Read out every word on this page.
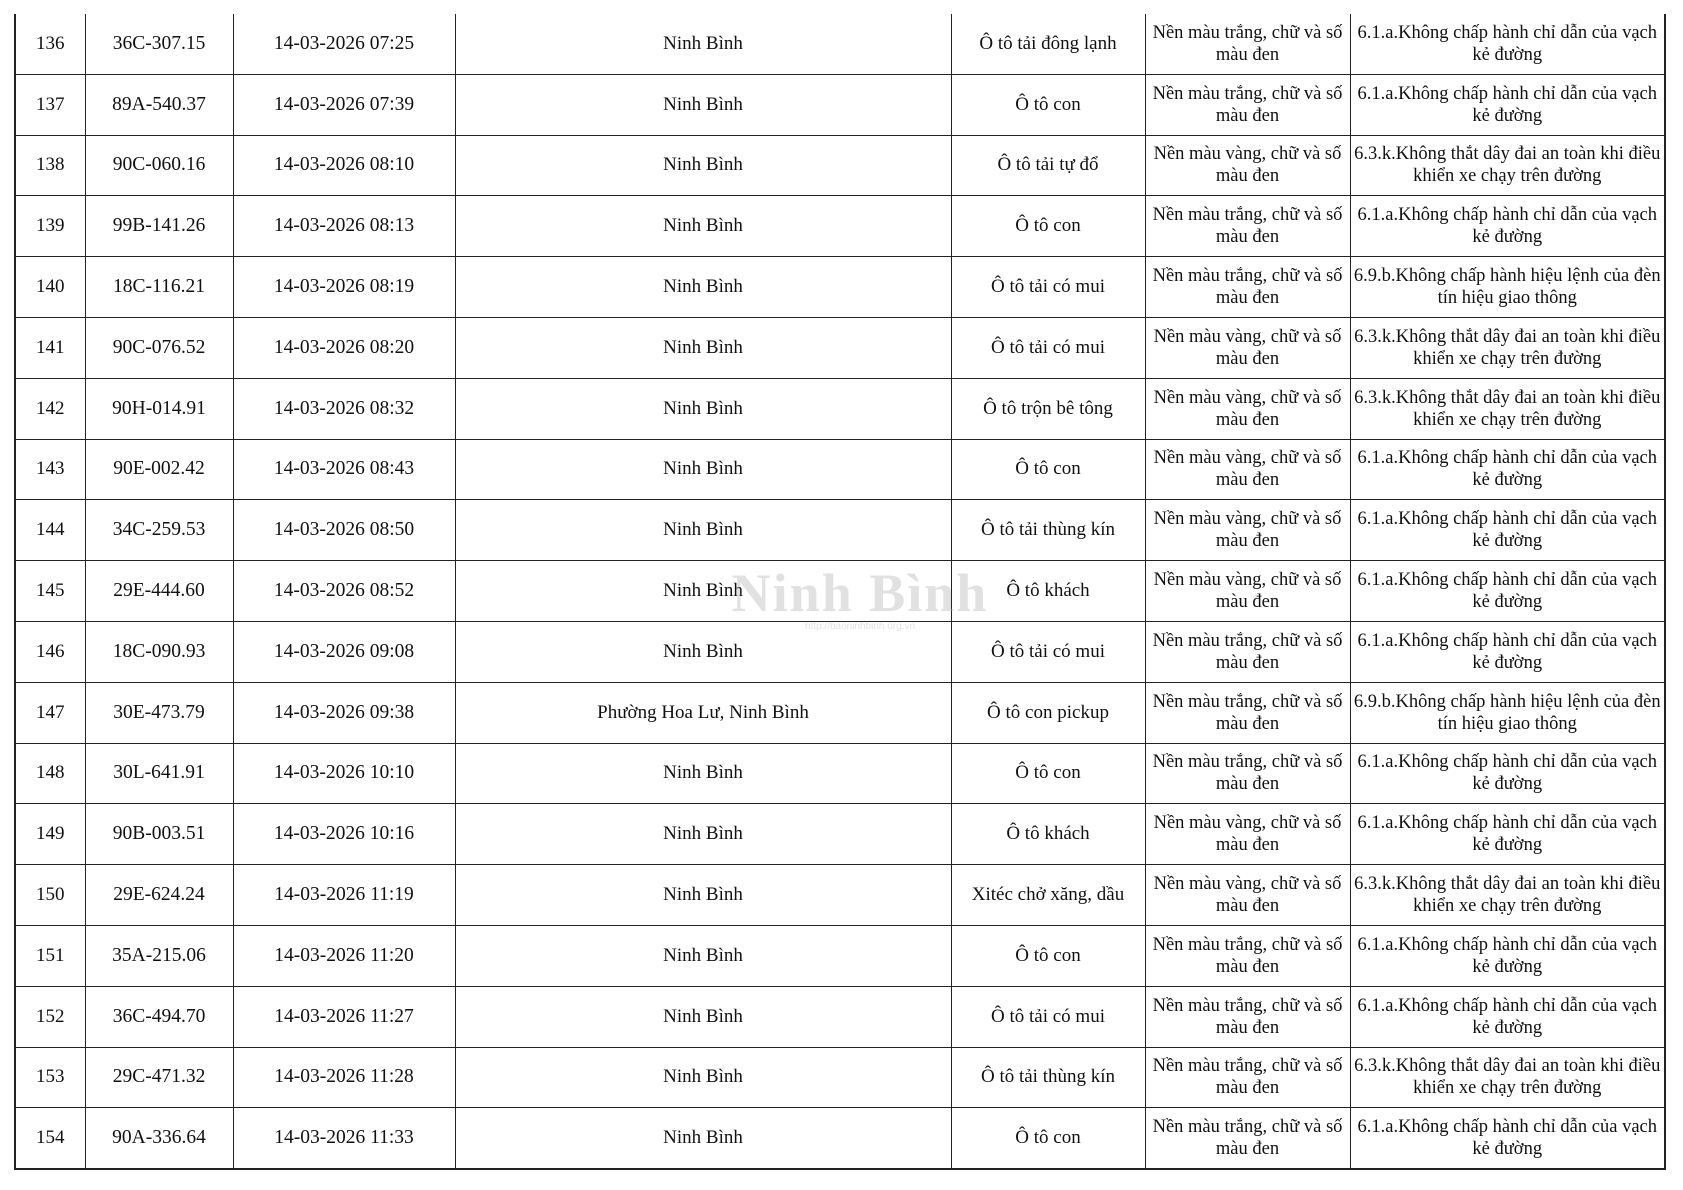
136	36C-307.15	14-03-2026 07:25	Ninh Bình	Ô tô tải đông lạnh	Nền màu trắng, chữ và số màu đen	6.1.a.Không chấp hành chỉ dẫn của vạch kẻ đường
137	89A-540.37	14-03-2026 07:39	Ninh Bình	Ô tô con	Nền màu trắng, chữ và số màu đen	6.1.a.Không chấp hành chỉ dẫn của vạch kẻ đường
138	90C-060.16	14-03-2026 08:10	Ninh Bình	Ô tô tải tự đổ	Nền màu vàng, chữ và số màu đen	6.3.k.Không thắt dây đai an toàn khi điều khiển xe chạy trên đường
139	99B-141.26	14-03-2026 08:13	Ninh Bình	Ô tô con	Nền màu trắng, chữ và số màu đen	6.1.a.Không chấp hành chỉ dẫn của vạch kẻ đường
140	18C-116.21	14-03-2026 08:19	Ninh Bình	Ô tô tải có mui	Nền màu trắng, chữ và số màu đen	6.9.b.Không chấp hành hiệu lệnh của đèn tín hiệu giao thông
141	90C-076.52	14-03-2026 08:20	Ninh Bình	Ô tô tải có mui	Nền màu vàng, chữ và số màu đen	6.3.k.Không thắt dây đai an toàn khi điều khiển xe chạy trên đường
142	90H-014.91	14-03-2026 08:32	Ninh Bình	Ô tô trộn bê tông	Nền màu vàng, chữ và số màu đen	6.3.k.Không thắt dây đai an toàn khi điều khiển xe chạy trên đường
143	90E-002.42	14-03-2026 08:43	Ninh Bình	Ô tô con	Nền màu vàng, chữ và số màu đen	6.1.a.Không chấp hành chỉ dẫn của vạch kẻ đường
144	34C-259.53	14-03-2026 08:50	Ninh Bình	Ô tô tải thùng kín	Nền màu vàng, chữ và số màu đen	6.1.a.Không chấp hành chỉ dẫn của vạch kẻ đường
145	29E-444.60	14-03-2026 08:52	Ninh Bình	Ô tô khách	Nền màu vàng, chữ và số màu đen	6.1.a.Không chấp hành chỉ dẫn của vạch kẻ đường
146	18C-090.93	14-03-2026 09:08	Ninh Bình	Ô tô tải có mui	Nền màu trắng, chữ và số màu đen	6.1.a.Không chấp hành chỉ dẫn của vạch kẻ đường
147	30E-473.79	14-03-2026 09:38	Phường Hoa Lư, Ninh Bình	Ô tô con pickup	Nền màu trắng, chữ và số màu đen	6.9.b.Không chấp hành hiệu lệnh của đèn tín hiệu giao thông
148	30L-641.91	14-03-2026 10:10	Ninh Bình	Ô tô con	Nền màu trắng, chữ và số màu đen	6.1.a.Không chấp hành chỉ dẫn của vạch kẻ đường
149	90B-003.51	14-03-2026 10:16	Ninh Bình	Ô tô khách	Nền màu vàng, chữ và số màu đen	6.1.a.Không chấp hành chỉ dẫn của vạch kẻ đường
150	29E-624.24	14-03-2026 11:19	Ninh Bình	Xitéc chở xăng, dầu	Nền màu vàng, chữ và số màu đen	6.3.k.Không thắt dây đai an toàn khi điều khiển xe chạy trên đường
151	35A-215.06	14-03-2026 11:20	Ninh Bình	Ô tô con	Nền màu trắng, chữ và số màu đen	6.1.a.Không chấp hành chỉ dẫn của vạch kẻ đường
152	36C-494.70	14-03-2026 11:27	Ninh Bình	Ô tô tải có mui	Nền màu trắng, chữ và số màu đen	6.1.a.Không chấp hành chỉ dẫn của vạch kẻ đường
153	29C-471.32	14-03-2026 11:28	Ninh Bình	Ô tô tải thùng kín	Nền màu trắng, chữ và số màu đen	6.3.k.Không thắt dây đai an toàn khi điều khiển xe chạy trên đường
154	90A-336.64	14-03-2026 11:33	Ninh Bình	Ô tô con	Nền màu trắng, chữ và số màu đen	6.1.a.Không chấp hành chỉ dẫn của vạch kẻ đường
Ninh Bình
http://baoninhbinh.org.vn
